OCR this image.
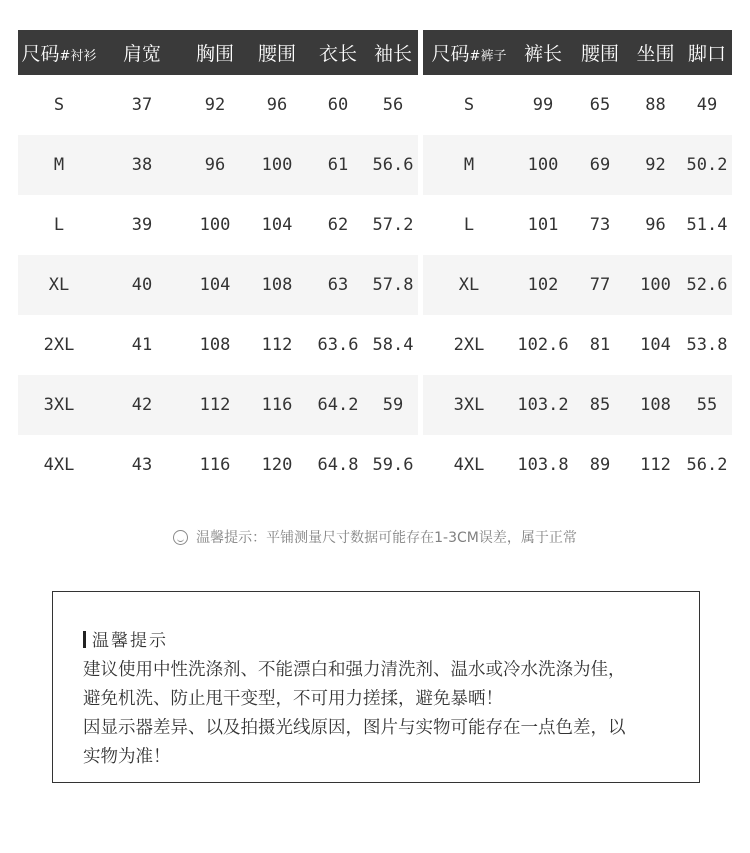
尺码#衬衫	肩宽	胸围	腰围	衣长 袖长
S	37	92	96	60	56
M	38	96	100	61	56.6
L	39	100	104	62	57.2
XL	40	104	108	63	57.8
2XL	41	108	112	63.6 58.4
3XL	42	112	116	64.2	59
4XL	43	116	120	64.8 59.6
尺码#裤子 裤长 腰围 坐围 脚口
S	99	65	88	49
M	100	69	92	50.2
L	101	73	96	51.4
XL	102	77	100 52.6
2XL	102.6	81	104 53.8
3XL	103.2	85	108	55
4XL	103.8	89	112 56.2
温馨提示：平铺测量尺寸数据可能存在1-3CM误差，属于正常
温馨提示
建议使用中性洗涤剂、不能漂白和强力清洗剂、温水或冷水洗涤为佳，
避免机洗、防止甩干变型，不可用力搓揉，避免暴晒！
因显示器差异、以及拍摄光线原因，图片与实物可能存在一点色差，以
实物为准！
